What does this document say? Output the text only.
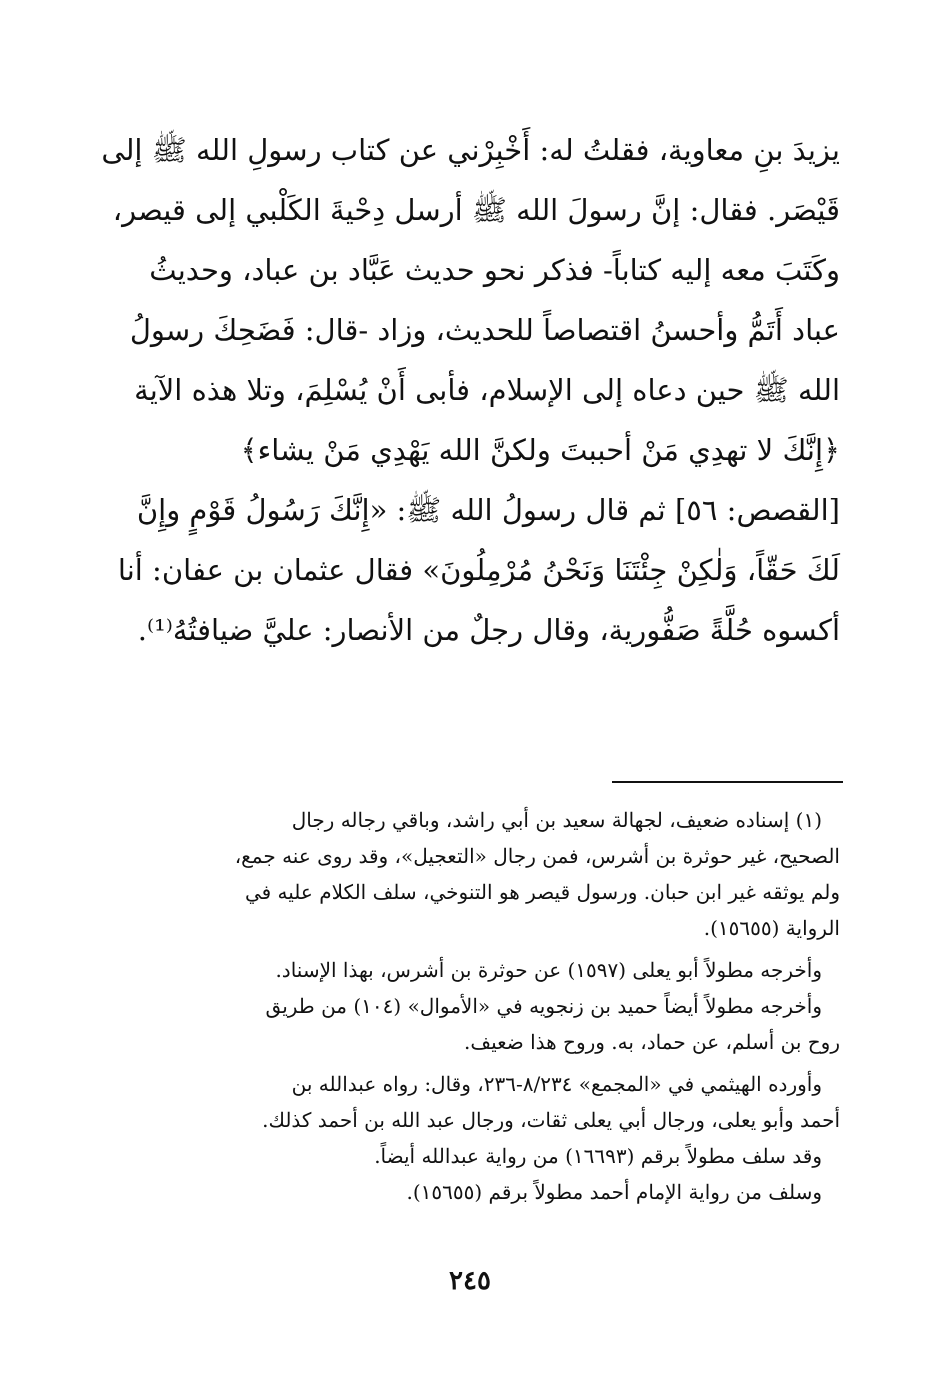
يزيدَ بنِ معاوية، فقلتُ له: أَخْبِرْني عن كتاب رسولِ الله ﷺ إلى
قَيْصَر. فقال: إنَّ رسولَ الله ﷺ أرسل دِحْيةَ الكَلْبي إلى قيصر،
وكَتَبَ معه إليه كتاباً- فذكر نحو حديث عَبَّاد بن عباد، وحديثُ
عباد أَتَمُّ وأحسنُ اقتصاصاً للحديث، وزاد -قال: فَضَحِكَ رسولُ
الله ﷺ حين دعاه إلى الإسلام، فأبى أَنْ يُسْلِمَ، وتلا هذه الآية
﴿إِنَّكَ لا تهدِي مَنْ أحببتَ ولكنَّ الله يَهْدِي مَنْ يشاء﴾
[القصص: ٥٦] ثم قال رسولُ الله ﷺ: «إِنَّكَ رَسُولُ قَوْمٍ وإِنَّ
لَكَ حَقّاً، وَلٰكِنْ جِئْتَنَا وَنَحْنُ مُرْمِلُونَ» فقال عثمان بن عفان: أنا
أكسوه حُلَّةً صَفُّورية، وقال رجلٌ من الأنصار: عليَّ ضيافتُهُ⁽¹⁾.
(١) إسناده ضعيف، لجهالة سعيد بن أبي راشد، وباقي رجاله رجال
الصحيح، غير حوثرة بن أشرس، فمن رجال «التعجيل»، وقد روى عنه جمع،
ولم يوثقه غير ابن حبان. ورسول قيصر هو التنوخي، سلف الكلام عليه في
الرواية (١٥٦٥٥).
وأخرجه مطولاً أبو يعلى (١٥٩٧) عن حوثرة بن أشرس، بهذا الإسناد.
وأخرجه مطولاً أيضاً حميد بن زنجويه في «الأموال» (١٠٤) من طريق
روح بن أسلم، عن حماد، به. وروح هذا ضعيف.
وأورده الهيثمي في «المجمع» ٨/٢٣٤-٢٣٦، وقال: رواه عبدالله بن
أحمد وأبو يعلى، ورجال أبي يعلى ثقات، ورجال عبد الله بن أحمد كذلك.
وقد سلف مطولاً برقم (١٦٦٩٣) من رواية عبدالله أيضاً.
وسلف من رواية الإمام أحمد مطولاً برقم (١٥٦٥٥).
٢٤٥
